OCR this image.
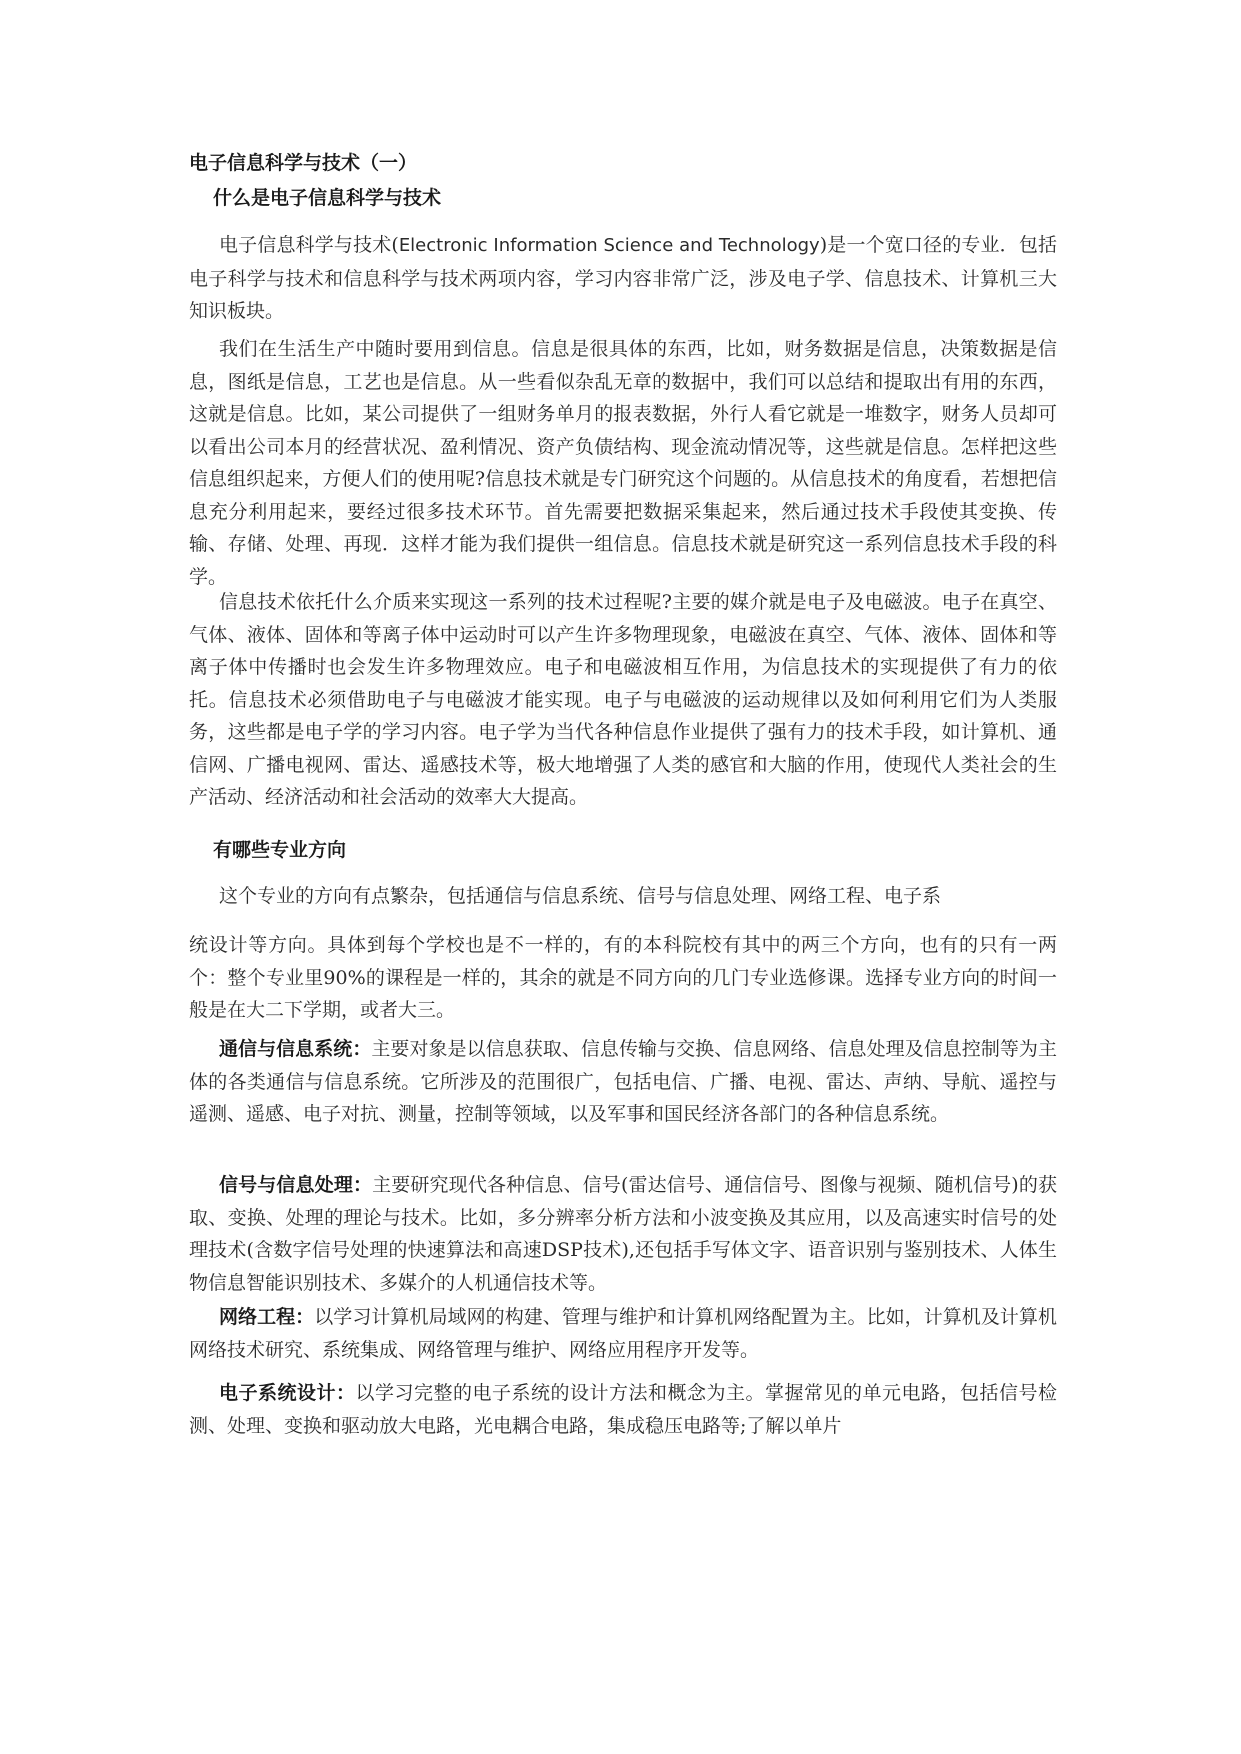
电子信息科学与技术（一）
什么是电子信息科学与技术

电子信息科学与技术(Electronic Information Science and Technology)是一个宽口径的专业．包括电子科学与技术和信息科学与技术两项内容，学习内容非常广泛，涉及电子学、信息技术、计算机三大知识板块。

我们在生活生产中随时要用到信息。信息是很具体的东西，比如，财务数据是信息，决策数据是信息，图纸是信息，工艺也是信息。从一些看似杂乱无章的数据中，我们可以总结和提取出有用的东西，这就是信息。比如，某公司提供了一组财务单月的报表数据，外行人看它就是一堆数字，财务人员却可以看出公司本月的经营状况、盈利情况、资产负债结构、现金流动情况等，这些就是信息。怎样把这些信息组织起来，方便人们的使用呢?信息技术就是专门研究这个问题的。从信息技术的角度看，若想把信息充分利用起来，要经过很多技术环节。首先需要把数据采集起来，然后通过技术手段使其变换、传输、存储、处理、再现．这样才能为我们提供一组信息。信息技术就是研究这一系列信息技术手段的科学。

信息技术依托什么介质来实现这一系列的技术过程呢?主要的媒介就是电子及电磁波。电子在真空、气体、液体、固体和等离子体中运动时可以产生许多物理现象，电磁波在真空、气体、液体、固体和等离子体中传播时也会发生许多物理效应。电子和电磁波相互作用，为信息技术的实现提供了有力的依托。信息技术必须借助电子与电磁波才能实现。电子与电磁波的运动规律以及如何利用它们为人类服务，这些都是电子学的学习内容。电子学为当代各种信息作业提供了强有力的技术手段，如计算机、通信网、广播电视网、雷达、遥感技术等，极大地增强了人类的感官和大脑的作用，使现代人类社会的生产活动、经济活动和社会活动的效率大大提高。

有哪些专业方向

这个专业的方向有点繁杂，包括通信与信息系统、信号与信息处理、网络工程、电子系

统设计等方向。具体到每个学校也是不一样的，有的本科院校有其中的两三个方向，也有的只有一两个：整个专业里90%的课程是一样的，其余的就是不同方向的几门专业选修课。选择专业方向的时间一般是在大二下学期，或者大三。

通信与信息系统：主要对象是以信息获取、信息传输与交换、信息网络、信息处理及信息控制等为主体的各类通信与信息系统。它所涉及的范围很广，包括电信、广播、电视、雷达、声纳、导航、遥控与遥测、遥感、电子对抗、测量，控制等领域，以及军事和国民经济各部门的各种信息系统。

信号与信息处理：主要研究现代各种信息、信号(雷达信号、通信信号、图像与视频、随机信号)的获取、变换、处理的理论与技术。比如，多分辨率分析方法和小波变换及其应用，以及高速实时信号的处理技术(含数字信号处理的快速算法和高速DSP技术),还包括手写体文字、语音识别与鉴别技术、人体生物信息智能识别技术、多媒介的人机通信技术等。

网络工程：以学习计算机局域网的构建、管理与维护和计算机网络配置为主。比如，计算机及计算机网络技术研究、系统集成、网络管理与维护、网络应用程序开发等。

电子系统设计：以学习完整的电子系统的设计方法和概念为主。掌握常见的单元电路，包括信号检测、处理、变换和驱动放大电路，光电耦合电路，集成稳压电路等;了解以单片
